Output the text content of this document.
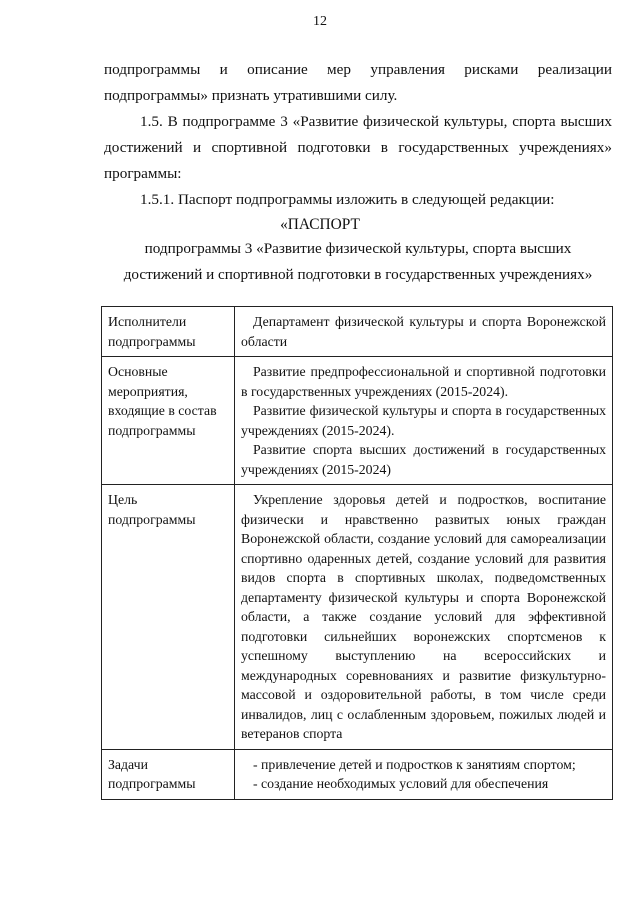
12
подпрограммы и описание мер управления рисками реализации подпрограммы» признать утратившими силу.
1.5. В подпрограмме 3 «Развитие физической культуры, спорта высших достижений и спортивной подготовки в государственных учреждениях» программы:
1.5.1. Паспорт подпрограммы изложить в следующей редакции:
«ПАСПОРТ
подпрограммы 3 «Развитие физической культуры, спорта высших достижений и спортивной подготовки в государственных учреждениях»
Исполнители подпрограммы	Департамент физической культуры и спорта Воронежской области

Основные мероприятия, входящие в состав подпрограммы	Развитие предпрофессиональной и спортивной подготовки в государственных учреждениях (2015-2024).
Развитие физической культуры и спорта в государственных учреждениях (2015-2024).
Развитие спорта высших достижений в государственных учреждениях (2015-2024)

Цель подпрограммы	Укрепление здоровья детей и подростков, воспитание физически и нравственно развитых юных граждан Воронежской области, создание условий для самореализации спортивно одаренных детей, создание условий для развития видов спорта в спортивных школах, подведомственных департаменту физической культуры и спорта Воронежской области, а также создание условий для эффективной подготовки сильнейших воронежских спортсменов к успешному выступлению на всероссийских и международных соревнованиях и развитие физкультурно-массовой и оздоровительной работы, в том числе среди инвалидов, лиц с ослабленным здоровьем, пожилых людей и ветеранов спорта

Задачи подпрограммы	- привлечение детей и подростков к занятиям спортом;
- создание необходимых условий для обеспечения
